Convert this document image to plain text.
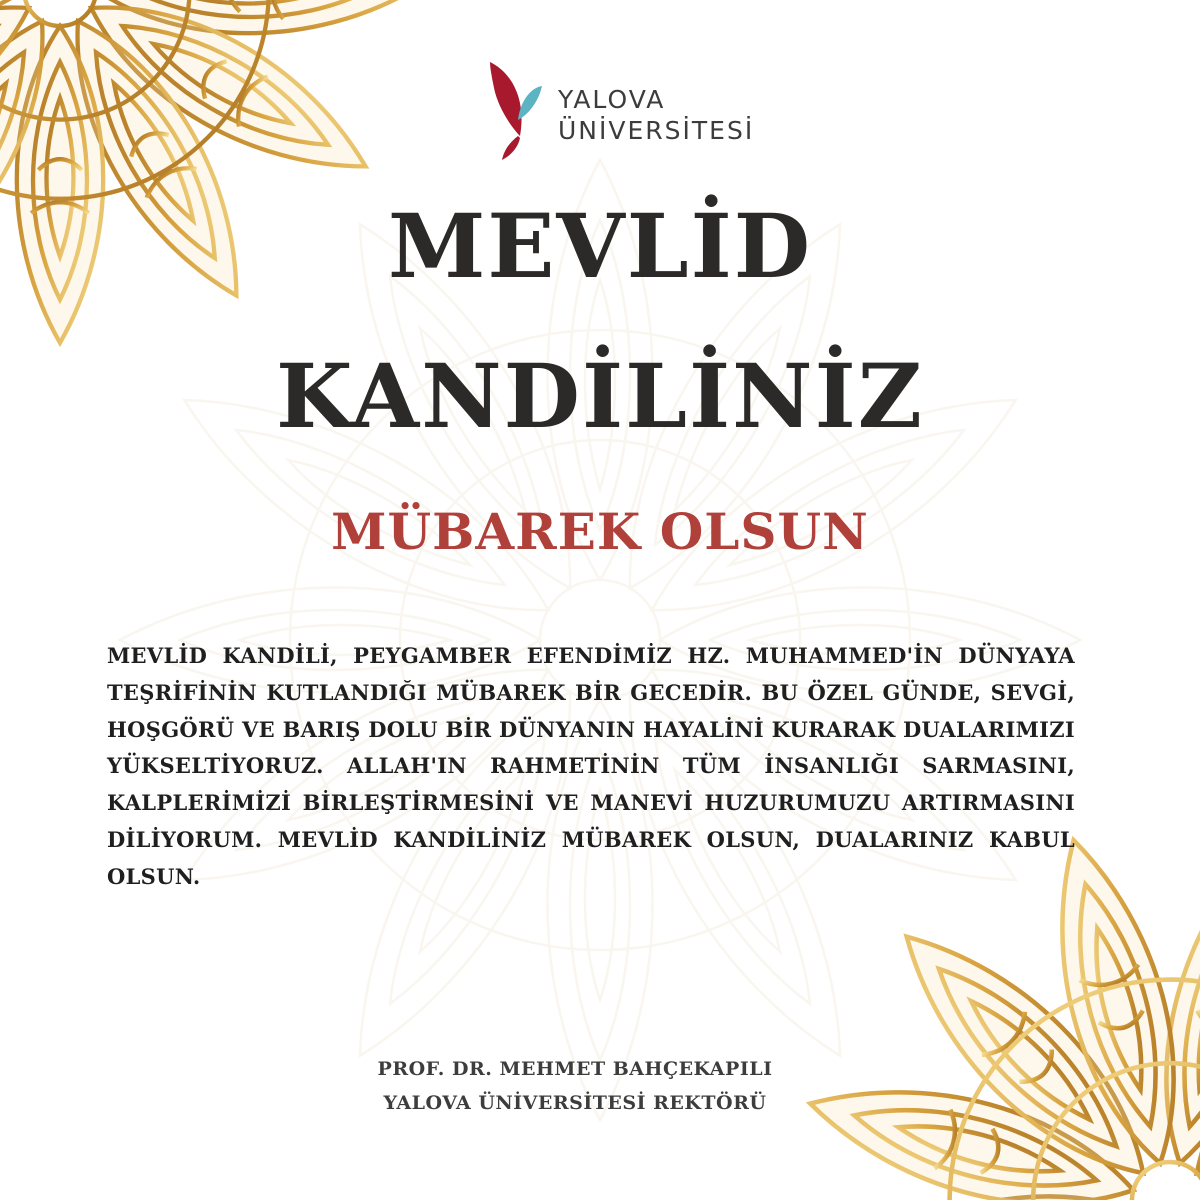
YALOVA
ÜNİVERSİTESİ
MEVLİD
KANDİLİNİZ
MÜBAREK OLSUN

MEVLİD KANDİLİ, PEYGAMBER EFENDİMİZ HZ. MUHAMMED'İN DÜNYAYA TEŞRİFİNİN KUTLANDIĞI MÜBAREK BİR GECEDİR. BU ÖZEL GÜNDE, SEVGİ, HOŞGÖRÜ VE BARIŞ DOLU BİR DÜNYANIN HAYALİNİ KURARAK DUALARIMIZI YÜKSELTİYORUZ. ALLAH'IN RAHMETİNİN TÜM İNSANLIĞI SARMASINI, KALPLERİMİZİ BİRLEŞTİRMESİNİ VE MANEVİ HUZURUMUZU ARTIRMASINI DİLİYORUM. MEVLİD KANDİLİNİZ MÜBAREK OLSUN, DUALARINIZ KABUL OLSUN.

PROF. DR. MEHMET BAHÇEKAPILI

YALOVA ÜNİVERSİTESİ REKTÖRÜ
